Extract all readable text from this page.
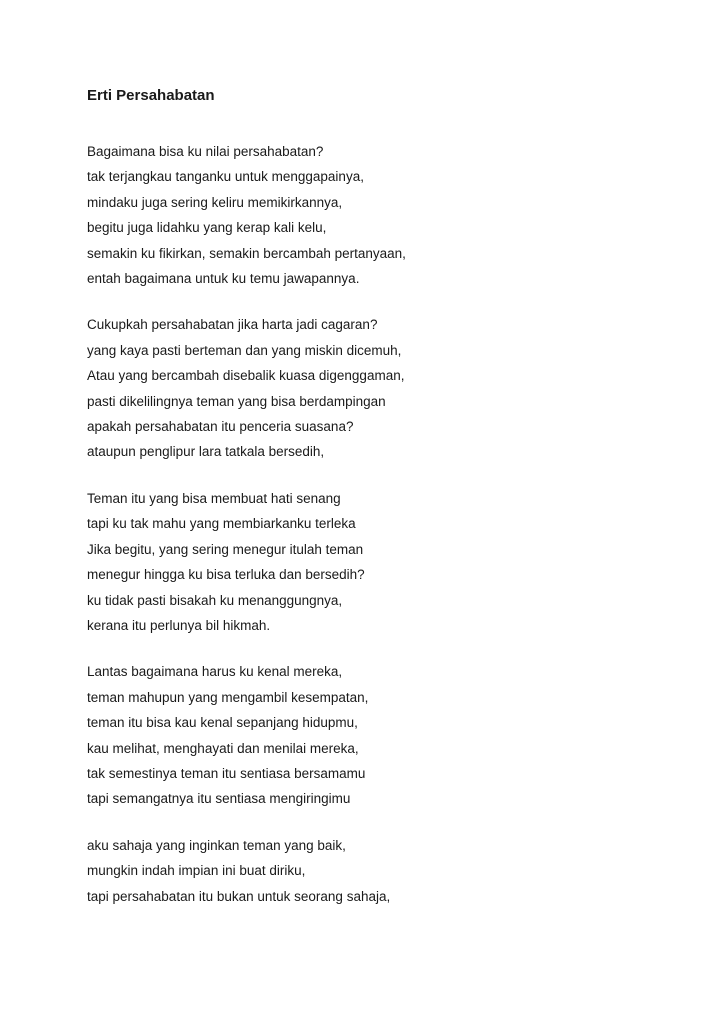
Erti Persahabatan
Bagaimana bisa ku nilai persahabatan?
tak terjangkau tanganku untuk menggapainya,
mindaku juga sering keliru memikirkannya,
begitu juga lidahku yang kerap kali kelu,
semakin ku fikirkan, semakin bercambah pertanyaan,
entah bagaimana untuk ku temu jawapannya.
Cukupkah persahabatan jika harta jadi cagaran?
yang kaya pasti berteman dan yang miskin dicemuh,
Atau yang bercambah disebalik kuasa digenggaman,
pasti dikelilingnya teman yang bisa berdampingan
apakah persahabatan itu penceria suasana?
ataupun penglipur lara tatkala bersedih,
Teman itu yang bisa membuat hati senang
tapi ku tak mahu yang membiarkanku terleka
Jika begitu, yang sering menegur itulah teman
menegur hingga ku bisa terluka dan bersedih?
ku tidak pasti bisakah ku menanggungnya,
kerana itu perlunya bil hikmah.
Lantas bagaimana harus ku kenal mereka,
teman mahupun yang mengambil kesempatan,
teman itu bisa kau kenal sepanjang hidupmu,
kau melihat, menghayati dan menilai mereka,
tak semestinya teman itu sentiasa bersamamu
tapi semangatnya itu sentiasa mengiringimu
aku sahaja yang inginkan teman yang baik,
mungkin indah impian ini buat diriku,
tapi persahabatan itu bukan untuk seorang sahaja,
